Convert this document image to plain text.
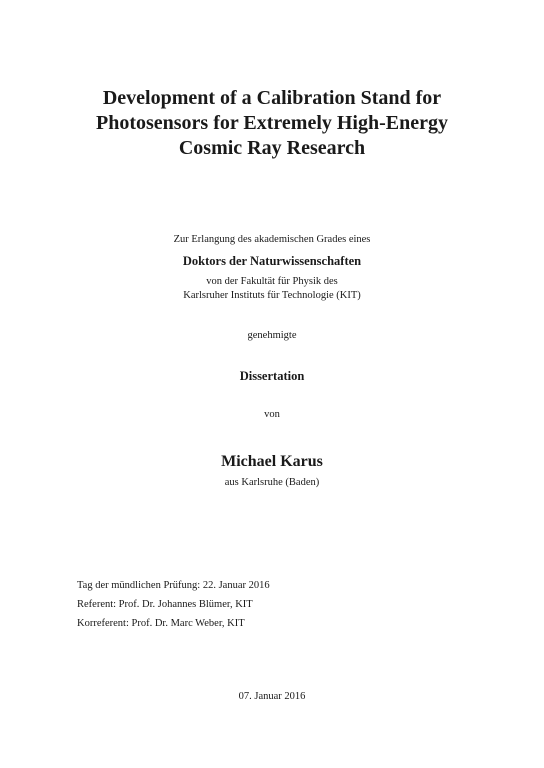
Development of a Calibration Stand for
Photosensors for Extremely High-Energy
Cosmic Ray Research
Zur Erlangung des akademischen Grades eines
Doktors der Naturwissenschaften
von der Fakultät für Physik des
Karlsruher Instituts für Technologie (KIT)
genehmigte
Dissertation
von
Michael Karus
aus Karlsruhe (Baden)
Tag der mündlichen Prüfung: 22. Januar 2016
Referent: Prof. Dr. Johannes Blümer, KIT
Korreferent: Prof. Dr. Marc Weber, KIT
07. Januar 2016
